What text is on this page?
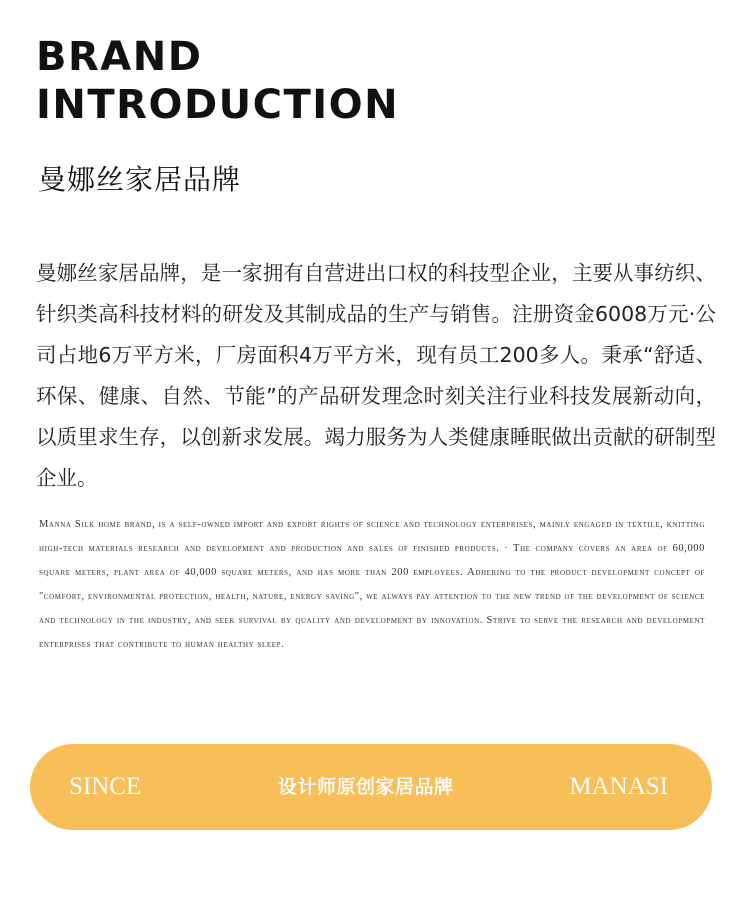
BRAND
INTRODUCTION
曼娜丝家居品牌
曼娜丝家居品牌，是一家拥有自营进出口权的科技型企业，主要从事纺织、针织类高科技材料的研发及其制成品的生产与销售。注册资金6008万元·公司占地6万平方米，厂房面积4万平方米，现有员工200多人。秉承“舒适、环保、健康、自然、节能”的产品研发理念时刻关注行业科技发展新动向，以质里求生存，以创新求发展。竭力服务为人类健康睡眠做出贡献的研制型企业。
Manna Silk home brand, is a self-owned import and export rights of science and technology enterprises, mainly engaged in textile, knitting high-tech materials research and development and production and sales of finished products. · The company covers an area of 60,000 square meters, plant area of 40,000 square meters, and has more than 200 employees. Adhering to the product development concept of "comfort, environmental protection, health, nature, energy saving", we always pay attention to the new trend of the development of science and technology in the industry, and seek survival by quality and development by innovation. Strive to serve the research and development enterprises that contribute to human healthy sleep.
SINCE	设计师原创家居品牌	MANASI
